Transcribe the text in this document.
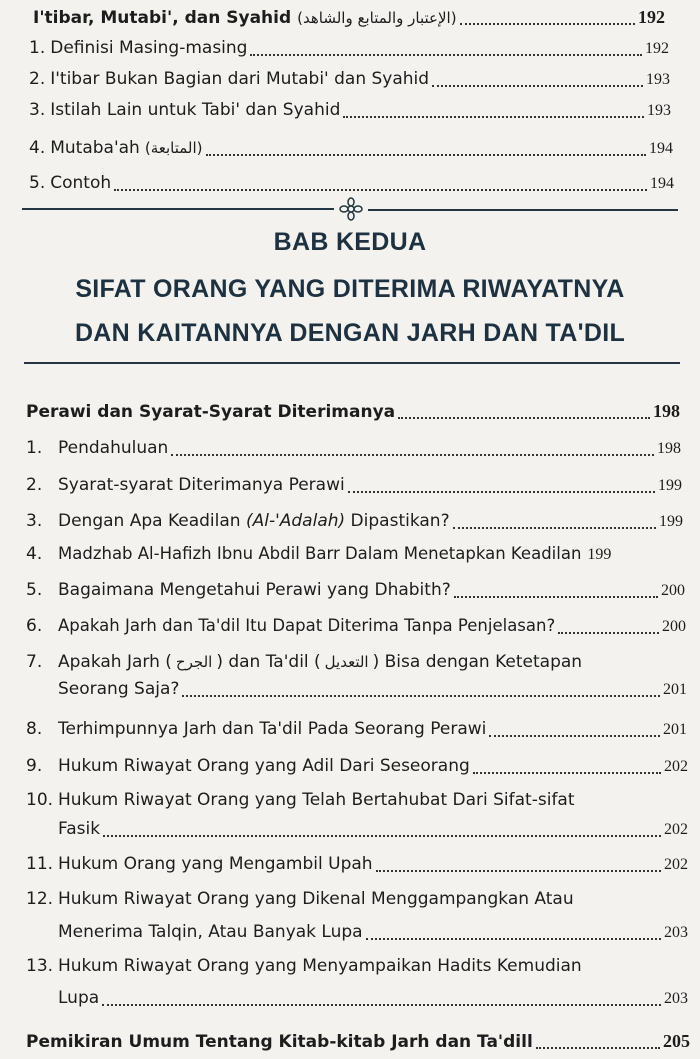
I'tibar, Mutabi', dan Syahid (الإعتبار والمتابع والشاهد)	192
1. Definisi Masing-masing	192
2. I'tibar Bukan Bagian dari Mutabi' dan Syahid	193
3. Istilah Lain untuk Tabi' dan Syahid	193
4. Mutaba'ah (المتابعة)	194
5. Contoh	194
BAB KEDUA
SIFAT ORANG YANG DITERIMA RIWAYATNYA
DAN KAITANNYA DENGAN JARH DAN TA'DIL
Perawi dan Syarat-Syarat Diterimanya	198
1. Pendahuluan	198
2. Syarat-syarat Diterimanya Perawi	199
3. Dengan Apa Keadilan (Al-'Adalah) Dipastikan?	199
4. Madzhab Al-Hafizh Ibnu Abdil Barr Dalam Menetapkan Keadilan 199
5. Bagaimana Mengetahui Perawi yang Dhabith?	200
6. Apakah Jarh dan Ta'dil Itu Dapat Diterima Tanpa Penjelasan?	200
7. Apakah Jarh ( الجرح ) dan Ta'dil ( التعديل ) Bisa dengan Ketetapan
Seorang Saja?	201
8. Terhimpunnya Jarh dan Ta'dil Pada Seorang Perawi	201
9. Hukum Riwayat Orang yang Adil Dari Seseorang	202
10. Hukum Riwayat Orang yang Telah Bertahubat Dari Sifat-sifat
Fasik	202
11. Hukum Orang yang Mengambil Upah	202
12. Hukum Riwayat Orang yang Dikenal Menggampangkan Atau
Menerima Talqin, Atau Banyak Lupa	203
13. Hukum Riwayat Orang yang Menyampaikan Hadits Kemudian
Lupa	203
Pemikiran Umum Tentang Kitab-kitab Jarh dan Ta'dill	205
